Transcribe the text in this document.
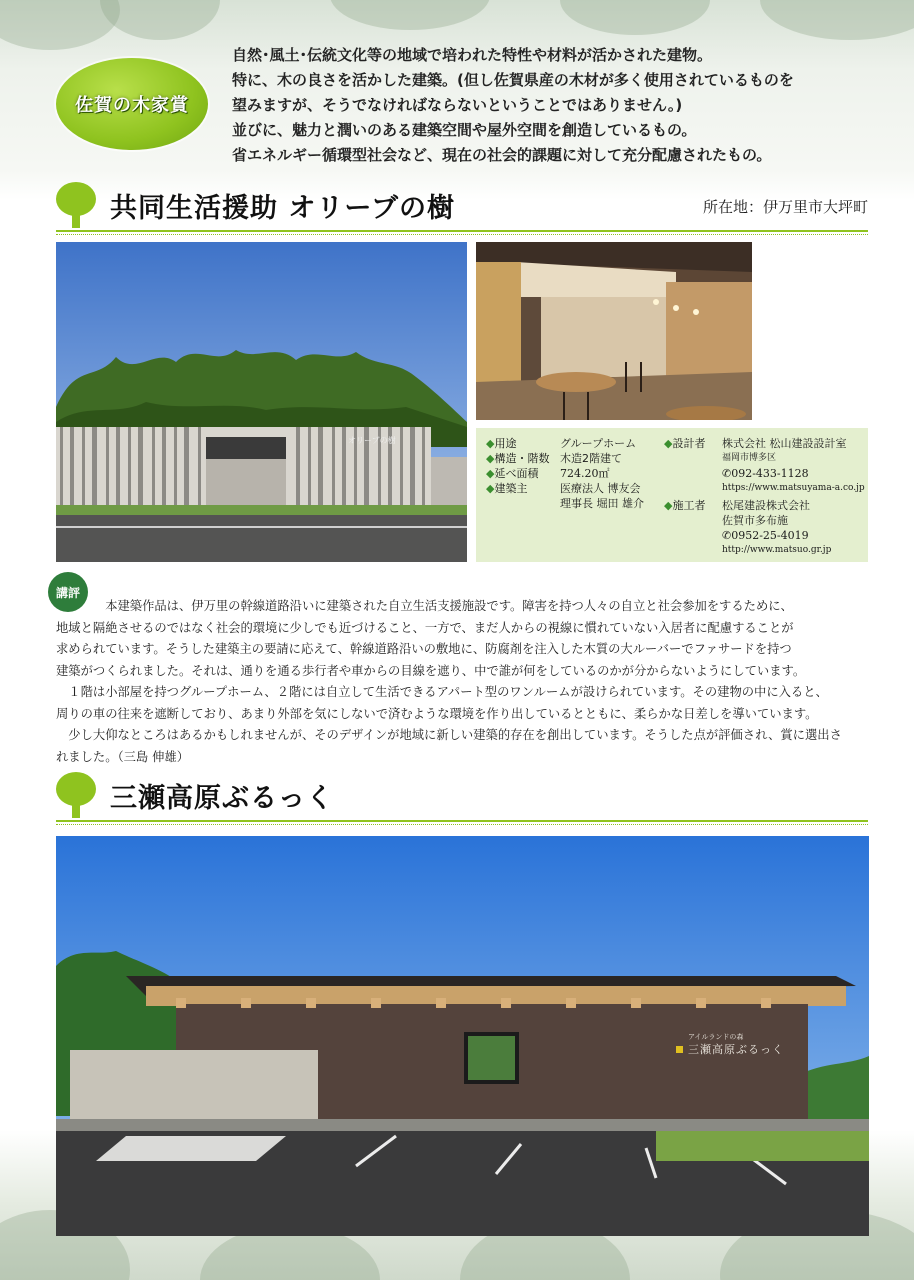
佐賀の木家賞

自然･風土･伝統文化等の地域で培われた特性や材料が活かされた建物。

特に、木の良さを活かした建築。(但し佐賀県産の木材が多く使用されているものを

望みますが、そうでなければならないということではありません。)

並びに、魅力と潤いのある建築空間や屋外空間を創造しているもの。

省エネルギー循環型社会など、現在の社会的課題に対して充分配慮されたもの。

共同生活援助 オリーブの樹	所在地：伊万里市大坪町
オリーブの樹
◆	用途	グループホーム
◆ 構造・階数 木造2階建て
◆ 延べ面積	724.20㎡
◆ 建築主	医療法人 博友会
理事長 堀田 雄介
◆ 設計者	株式会社 松山建設設計室
福岡市博多区
✆ 092-433-1128
https://www.matsuyama-a.co.jp
◆ 施工者	松尾建設株式会社
佐賀市多布施
✆ 0952-25-4019
http://www.matsuo.gr.jp
講評

　　　　本建築作品は、伊万里の幹線道路沿いに建築された自立生活支援施設です。障害を持つ人々の自立と社会参加をするために、

地域と隔絶させるのではなく社会的環境に少しでも近づけること、一方で、まだ人からの視線に慣れていない入居者に配慮することが

求められています。そうした建築主の要請に応えて、幹線道路沿いの敷地に、防腐剤を注入した木質の大ルーバーでファサードを持つ

建築がつくられました。それは、通りを通る歩行者や車からの目線を遮り、中で誰が何をしているのかが分からないようにしています。

　１階は小部屋を持つグループホーム、２階には自立して生活できるアパート型のワンルームが設けられています。その建物の中に入ると、

周りの車の往来を遮断しており、あまり外部を気にしないで済むような環境を作り出しているとともに、柔らかな日差しを導いています。

　少し大仰なところはあるかもしれませんが、そのデザインが地域に新しい建築的存在を創出しています。そうした点が評価され、賞に選出さ

れました。（三島 伸雄）

三瀬高原ぶるっく
アイルランドの森
三瀬高原ぶるっく
